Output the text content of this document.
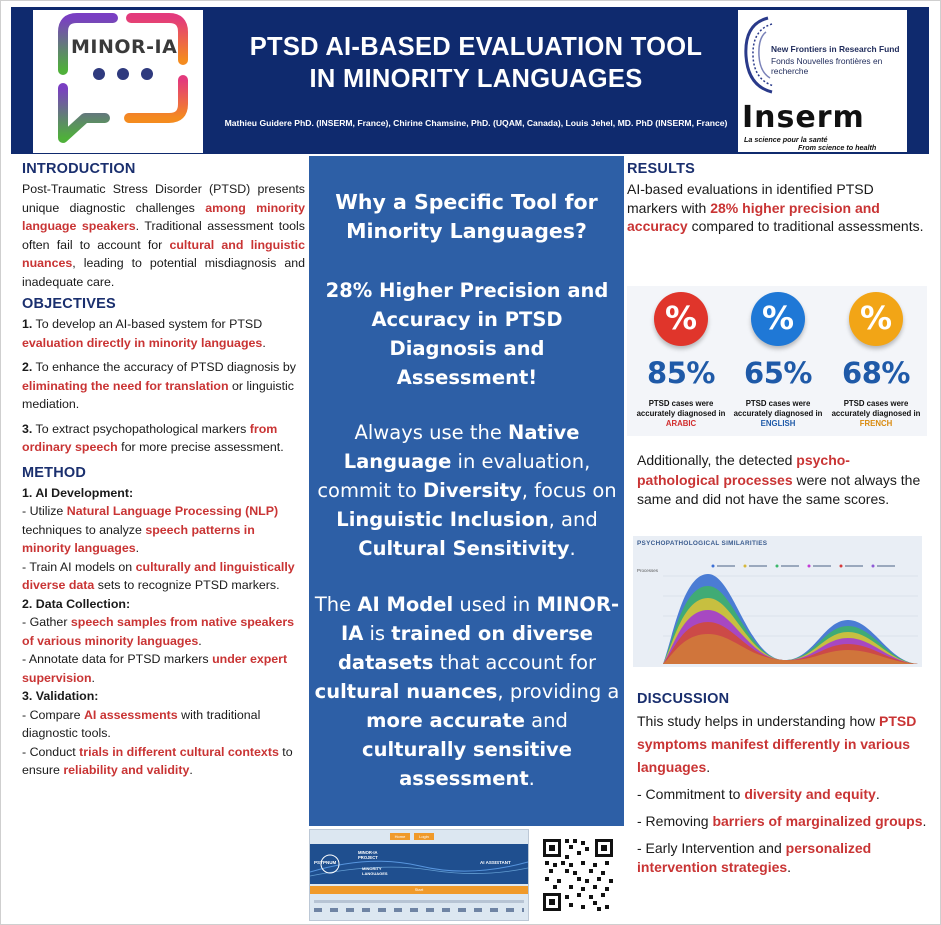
MINOR-IA	PTSD AI-BASED EVALUATION TOOL
IN MINORITY LANGUAGES
Mathieu Guidere PhD. (INSERM, France), Chirine Chamsine, PhD. (UQAM, Canada), Louis Jehel, MD. PhD (INSERM, France)
New Frontiers in Research Fund
Fonds Nouvelles frontières en recherche
Inserm
La science pour la santé
From science to health
INTRODUCTION

Post-Traumatic Stress Disorder (PTSD) presents unique diagnostic challenges among minority language speakers. Traditional assessment tools often fail to account for cultural and linguistic nuances, leading to potential misdiagnosis and inadequate care.

OBJECTIVES

1. To develop an AI-based system for PTSD evaluation directly in minority languages.

2. To enhance the accuracy of PTSD diagnosis by eliminating the need for translation or linguistic mediation.

3. To extract psychopathological markers from ordinary speech for more precise assessment.

METHOD

1. AI Development:

- Utilize Natural Language Processing (NLP) techniques to analyze speech patterns in minority languages.

- Train AI models on culturally and linguistically diverse data sets to recognize PTSD markers.

2. Data Collection:

- Gather speech samples from native speakers of various minority languages.

- Annotate data for PTSD markers under expert supervision.

3. Validation:

- Compare AI assessments with traditional diagnostic tools.

- Conduct trials in different cultural contexts to ensure reliability and validity.

Why a Specific Tool for Minority Languages?
28% Higher Precision and Accuracy in PTSD Diagnosis and Assessment!
Always use the Native Language in evaluation, commit to Diversity, focus on Linguistic Inclusion, and Cultural Sensitivity.
The AI Model used in MINOR-IA is trained on diverse datasets that account for cultural nuances, providing a more accurate and culturally sensitive assessment.
Home	Login
PSYPNUM
MINOR-IA PROJECT
MINORITY LANGUAGES
AI ASSISTANT
Start
RESULTS

AI-based evaluations in identified PTSD markers with 28% higher precision and accuracy compared to traditional assessments.

%
85%
PTSD cases were accurately diagnosed in ARABIC
%
65%
PTSD cases were accurately diagnosed in ENGLISH
%
68%
PTSD cases were accurately diagnosed in FRENCH

Additionally, the detected psycho-pathological processes were not always the same and did not have the same scores.

PSYCHOPATHOLOGICAL SIMILARITIES
Processes
DISCUSSION

This study helps in understanding how PTSD symptoms manifest differently in various languages.

- Commitment to diversity and equity.

- Removing barriers of marginalized groups.

- Early Intervention and personalized intervention strategies.
